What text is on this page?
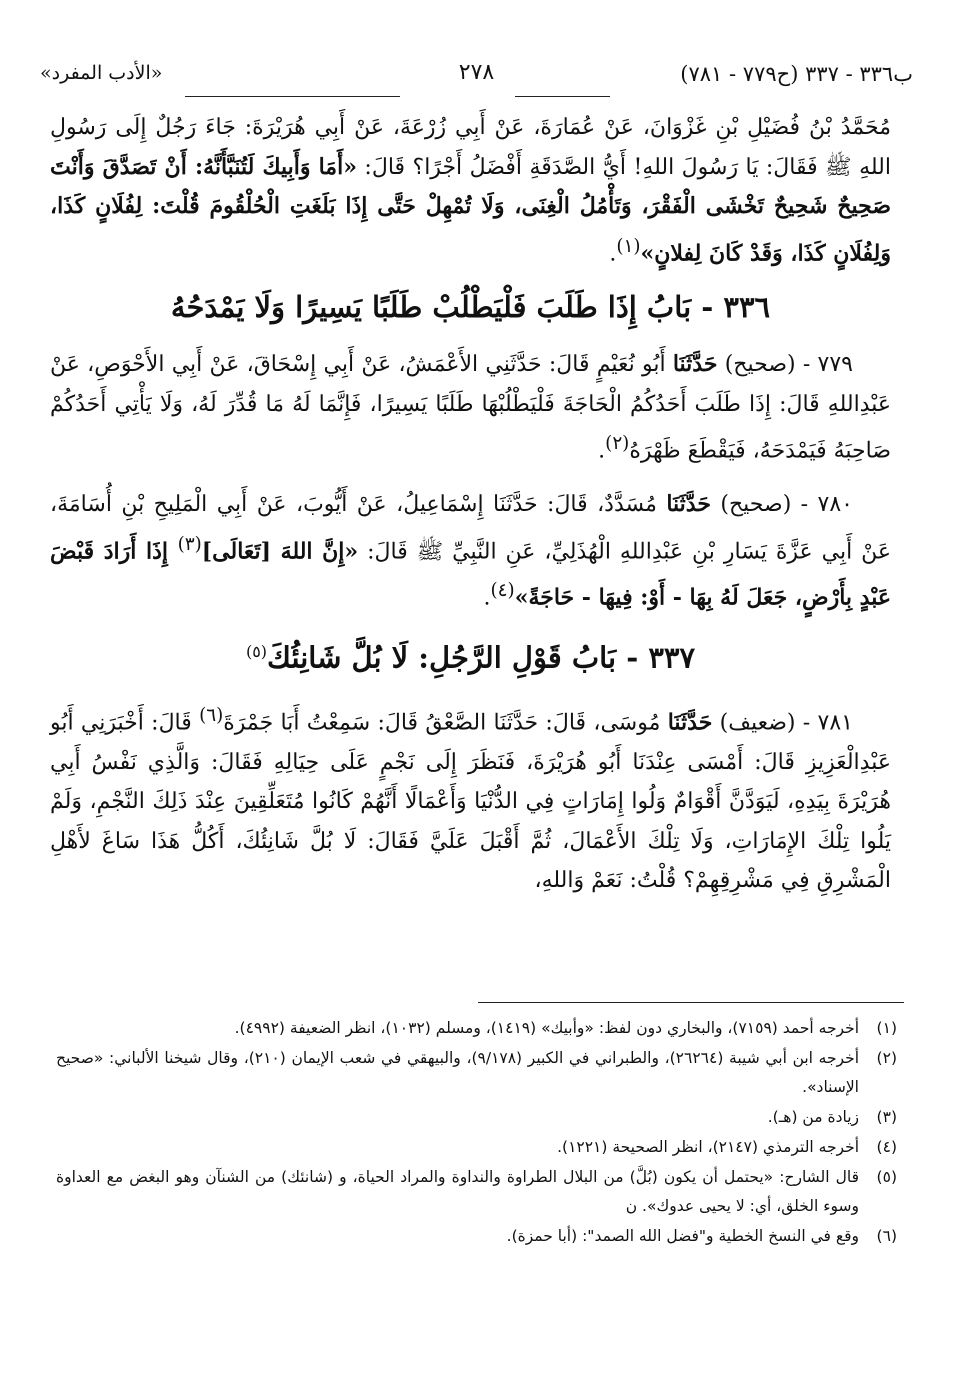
ب٣٣٦ - ٣٣٧ (ح٧٧٩ - ٧٨١)
٢٧٨
«الأدب المفرد»

مُحَمَّدُ بْنُ فُضَيْلِ بْنِ غَزْوَانَ، عَنْ عُمَارَةَ، عَنْ أَبِي زُرْعَةَ، عَنْ أَبِي هُرَيْرَةَ: جَاءَ رَجُلٌ إِلَى رَسُولِ اللهِ ﷺ فَقَالَ: يَا رَسُولَ اللهِ! أَيُّ الصَّدَقَةِ أَفْضَلُ أَجْرًا؟ قَالَ: «أَمَا وَأَبِيكَ لَتُنَبَّأَنَّهُ: أَنْ تَصَدَّقَ وَأَنْتَ صَحِيحٌ شَحِيحٌ تَخْشَى الْفَقْرَ، وَتَأْمُلُ الْغِنَى، وَلَا تُمْهِلْ حَتَّى إِذَا بَلَغَتِ الْحُلْقُومَ قُلْتَ: لِفُلَانٍ كَذَا، وَلِفُلَانٍ كَذَا، وَقَدْ كَانَ لِفلانٍ»$^{(١)}$.

٣٣٦ - بَابُ إِذَا طَلَبَ فَلْيَطْلُبْ طَلَبًا يَسِيرًا وَلَا يَمْدَحُهُ

٧٧٩ - (صحيح) حَدَّثَنَا أَبُو نُعَيْمٍ قَالَ: حَدَّثَنِي الأَعْمَشُ، عَنْ أَبِي إِسْحَاقَ، عَنْ أَبِي الأَحْوَصِ، عَنْ عَبْدِاللهِ قَالَ: إِذَا طَلَبَ أَحَدُكُمُ الْحَاجَةَ فَلْيَطْلُبْهَا طَلَبًا يَسِيرًا، فَإِنَّمَا لَهُ مَا قُدِّرَ لَهُ، وَلَا يَأْتِي أَحَدُكُمْ صَاحِبَهُ فَيَمْدَحَهُ، فَيَقْطَعَ ظَهْرَهُ$^{(٢)}$.

٧٨٠ - (صحيح) حَدَّثَنَا مُسَدَّدٌ، قَالَ: حَدَّثَنَا إِسْمَاعِيلُ، عَنْ أَيُّوبَ، عَنْ أَبِي الْمَلِيحِ بْنِ أُسَامَةَ، عَنْ أَبِي عَزَّةَ يَسَارِ بْنِ عَبْدِاللهِ الْهُذَلِيِّ، عَنِ النَّبِيِّ ﷺ قَالَ: «إِنَّ اللهَ [تَعَالَى]$^{(٣)}$ إِذَا أَرَادَ قَبْضَ عَبْدٍ بِأَرْضٍ، جَعَلَ لَهُ بِهَا - أَوْ: فِيهَا - حَاجَةً»$^{(٤)}$.

٣٣٧ - بَابُ قَوْلِ الرَّجُلِ: لَا بُلَّ شَانِئُكَ$^{(٥)}$

٧٨١ - (ضعيف) حَدَّثَنَا مُوسَى، قَالَ: حَدَّثَنَا الصَّعْقُ قَالَ: سَمِعْتُ أَبَا جَمْرَةَ$^{(٦)}$ قَالَ: أَخْبَرَنِي أَبُو عَبْدِالْعَزِيزِ قَالَ: أَمْسَى عِنْدَنَا أَبُو هُرَيْرَةَ، فَنَظَرَ إِلَى نَجْمٍ عَلَى حِيَالِهِ فَقَالَ: وَالَّذِي نَفْسُ أَبِي هُرَيْرَةَ بِيَدِهِ، لَيَوَدَّنَّ أَقْوَامٌ وَلُوا إِمَارَاتٍ فِي الدُّنْيَا وَأَعْمَالًا أَنَّهُمْ كَانُوا مُتَعَلِّقِينَ عِنْدَ ذَلِكَ النَّجْمِ، وَلَمْ يَلُوا تِلْكَ الإِمَارَاتِ، وَلَا تِلْكَ الأَعْمَالَ، ثُمَّ أَقْبَلَ عَلَيَّ فَقَالَ: لَا بُلَّ شَانِئُكَ، أَكُلُّ هَذَا سَاغَ لأَهْلِ الْمَشْرِقِ فِي مَشْرِقِهِمْ؟ قُلْتُ: نَعَمْ وَاللهِ،

(١)
أخرجه أحمد (٧١٥٩)، والبخاري دون لفظ: «وأبيك» (١٤١٩)، ومسلم (١٠٣٢)، انظر الضعيفة (٤٩٩٢).
(٢)
أخرجه ابن أبي شيبة (٢٦٢٦٤)، والطبراني في الكبير (٩/١٧٨)، والبيهقي في شعب الإيمان (٢١٠)، وقال شيخنا الألباني: «صحيح الإسناد».
(٣)
زيادة من (هـ).
(٤)
أخرجه الترمذي (٢١٤٧)، انظر الصحيحة (١٢٢١).
(٥)
قال الشارح: «يحتمل أن يكون (بُلَّ) من البلال الطراوة والنداوة والمراد الحياة، و (شانئك) من الشنآن وهو البغض مع العداوة وسوء الخلق، أي: لا يحيى عدوك». ن
(٦)
وقع في النسخ الخطية و"فضل الله الصمد": (أبا حمزة).
